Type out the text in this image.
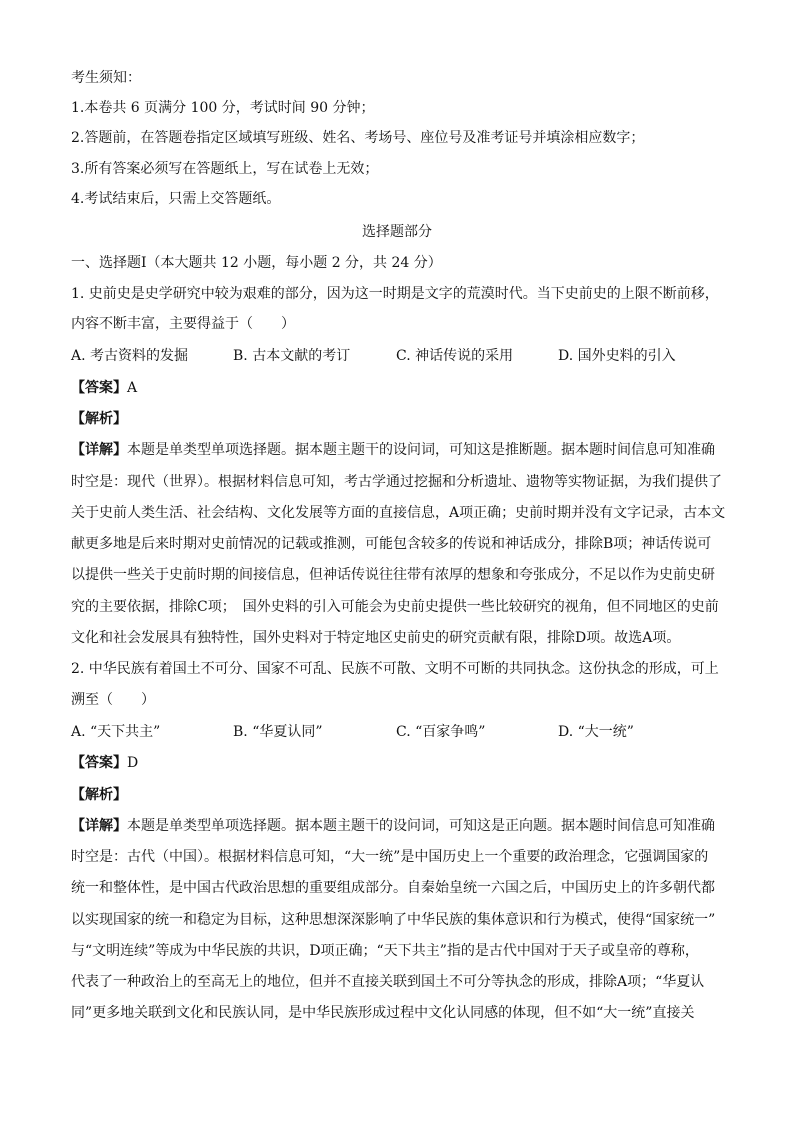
考生须知：
1.本卷共 6 页满分 100 分，考试时间 90 分钟；
2.答题前，在答题卷指定区域填写班级、姓名、考场号、座位号及准考证号并填涂相应数字；
3.所有答案必须写在答题纸上，写在试卷上无效；
4.考试结束后，只需上交答题纸。
选择题部分
一、选择题Ⅰ（本大题共 12 小题，每小题 2 分，共 24 分）
1. 史前史是史学研究中较为艰难的部分，因为这一时期是文字的荒漠时代。当下史前史的上限不断前移，
内容不断丰富，主要得益于（　　）
A. 考古资料的发掘	B. 古本文献的考订	C. 神话传说的采用	D. 国外史料的引入
【答案】A
【解析】
【详解】本题是单类型单项选择题。据本题主题干的设问词，可知这是推断题。据本题时间信息可知准确
时空是：现代（世界）。根据材料信息可知，考古学通过挖掘和分析遗址、遗物等实物证据，为我们提供了
关于史前人类生活、社会结构、文化发展等方面的直接信息，A项正确；史前时期并没有文字记录，古本文
献更多地是后来时期对史前情况的记载或推测，可能包含较多的传说和神话成分，排除B项；神话传说可
以提供一些关于史前时期的间接信息，但神话传说往往带有浓厚的想象和夸张成分，不足以作为史前史研
究的主要依据，排除C项；　国外史料的引入可能会为史前史提供一些比较研究的视角，但不同地区的史前
文化和社会发展具有独特性，国外史料对于特定地区史前史的研究贡献有限，排除D项。故选A项。
2. 中华民族有着国土不可分、国家不可乱、民族不可散、文明不可断的共同执念。这份执念的形成，可上
溯至（　　）
A. “天下共主”	B. “华夏认同”	C. “百家争鸣”	D. “大一统”
【答案】D
【解析】
【详解】本题是单类型单项选择题。据本题主题干的设问词，可知这是正向题。据本题时间信息可知准确
时空是：古代（中国）。根据材料信息可知，“大一统”是中国历史上一个重要的政治理念，它强调国家的
统一和整体性，是中国古代政治思想的重要组成部分。自秦始皇统一六国之后，中国历史上的许多朝代都
以实现国家的统一和稳定为目标，这种思想深深影响了中华民族的集体意识和行为模式，使得“国家统一”
与“文明连续”等成为中华民族的共识，D项正确；“天下共主”指的是古代中国对于天子或皇帝的尊称，
代表了一种政治上的至高无上的地位，但并不直接关联到国土不可分等执念的形成，排除A项；“华夏认
同”更多地关联到文化和民族认同，是中华民族形成过程中文化认同感的体现，但不如“大一统”直接关
